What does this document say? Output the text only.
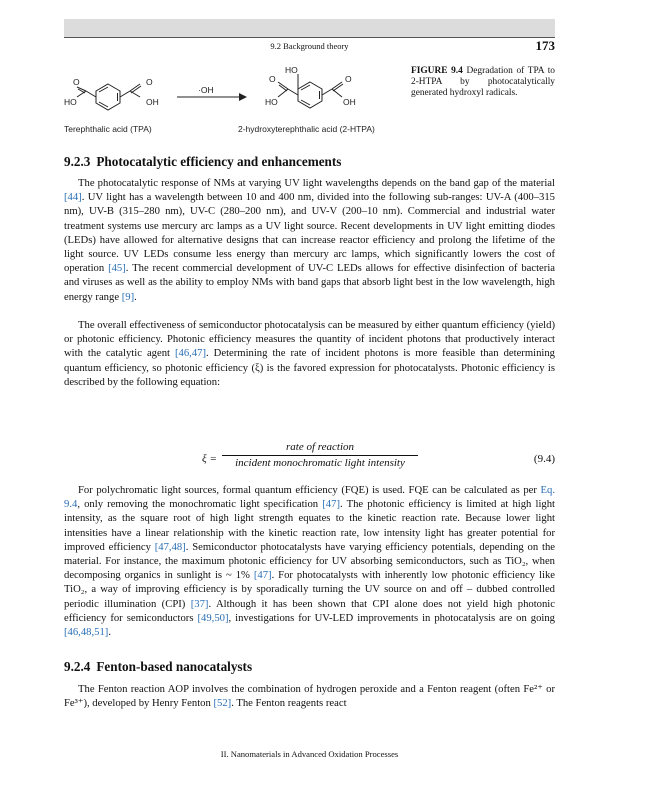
9.2 Background theory	173
O
O
HO	OH
Terephthalic acid (TPA)
·OH
HO
O	O
HO	OH
2-hydroxyterephthalic acid (2-HTPA)
FIGURE 9.4 Degradation of TPA to 2-HTPA by photocatalytically generated hydroxyl radicals.
9.2.3 Photocatalytic efficiency and enhancements

The photocatalytic response of NMs at varying UV light wavelengths depends on the band gap of the material [44]. UV light has a wavelength between 10 and 400 nm, divided into the following sub-ranges: UV-A (400–315 nm), UV-B (315–280 nm), UV-C (280–200 nm), and UV-V (200–10 nm). Commercial and industrial water treatment systems use mercury arc lamps as a UV light source. Recent developments in UV light emitting diodes (LEDs) have allowed for alternative designs that can increase reactor efficiency and prolong the lifetime of the light source. UV LEDs consume less energy than mercury arc lamps, which significantly lowers the cost of operation [45]. The recent commercial development of UV-C LEDs allows for effective disinfection of bacteria and viruses as well as the ability to employ NMs with band gaps that absorb light best in the low wavelength, high energy range [9].

The overall effectiveness of semiconductor photocatalysis can be measured by either quantum efficiency (yield) or photonic efficiency. Photonic efficiency measures the quantity of incident photons that productively interact with the catalytic agent [46,47]. Determining the rate of incident photons is more feasible than determining quantum efficiency, so photonic efficiency (ξ) is the favored expression for photocatalysts. Photonic efficiency is described by the following equation:

ξ =
rate of reaction
incident monochromatic light intensity	(9.4)

For polychromatic light sources, formal quantum efficiency (FQE) is used. FQE can be calculated as per Eq. 9.4, only removing the monochromatic light specification [47]. The photonic efficiency is limited at high light intensity, as the square root of high light strength equates to the kinetic reaction rate. Because lower light intensities have a linear relationship with the kinetic reaction rate, low intensity light has greater potential for improved efficiency [47,48]. Semiconductor photocatalysts have varying efficiency potentials, depending on the material. For instance, the maximum photonic efficiency for UV absorbing semiconductors, such as TiO₂, when decomposing organics in sunlight is ~ 1% [47]. For photocatalysts with inherently low photonic efficiency like TiO₂, a way of improving efficiency is by sporadically turning the UV source on and off – dubbed controlled periodic illumination (CPI) [37]. Although it has been shown that CPI alone does not yield high photonic efficiency for semiconductors [49,50], investigations for UV-LED improvements in photocatalysis are on going [46,48,51].

9.2.4 Fenton-based nanocatalysts

The Fenton reaction AOP involves the combination of hydrogen peroxide and a Fenton reagent (often Fe²⁺ or Fe³⁺), developed by Henry Fenton [52]. The Fenton reagents react

II. Nanomaterials in Advanced Oxidation Processes
